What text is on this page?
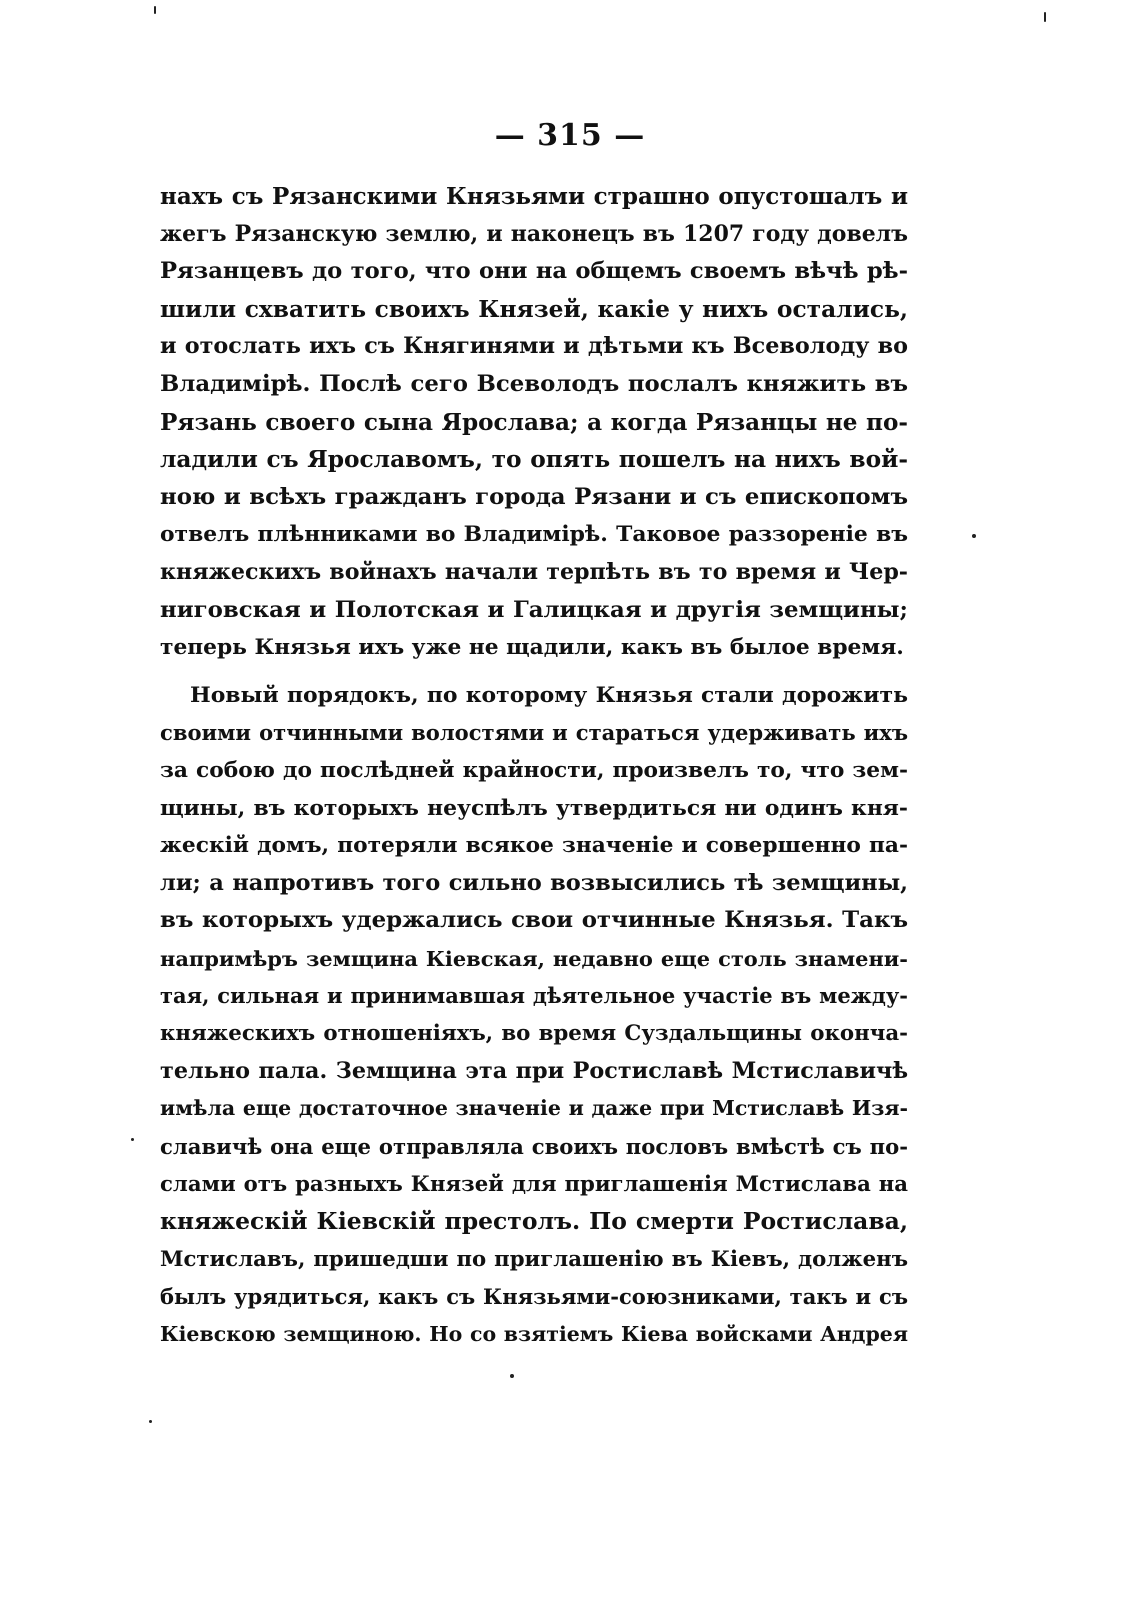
— 315 —
нахъ съ Рязанскими Князьями страшно опустошалъ и
жегъ Рязанскую землю, и наконецъ въ 1207 году довелъ
Рязанцевъ до того, что они на общемъ своемъ вѣчѣ рѣ-
шили схватить своихъ Князей, какіе у нихъ остались,
и отослать ихъ съ Княгинями и дѣтьми къ Всеволоду во
Владимірѣ. Послѣ сего Всеволодъ послалъ княжить въ
Рязань своего сына Ярослава; а когда Рязанцы не по-
ладили съ Ярославомъ, то опять пошелъ на нихъ вой-
ною и всѣхъ гражданъ города Рязани и съ епископомъ
отвелъ плѣнниками во Владимірѣ. Таковое раззореніе въ
княжескихъ войнахъ начали терпѣть въ то время и Чер-
ниговская и Полотская и Галицкая и другія земщины;
теперь Князья ихъ уже не щадили, какъ въ былое время.
Новый порядокъ, по которому Князья стали дорожить
своими отчинными волостями и стараться удерживать ихъ
за собою до послѣдней крайности, произвелъ то, что зем-
щины, въ которыхъ неуспѣлъ утвердиться ни одинъ кня-
жескій домъ, потеряли всякое значеніе и совершенно па-
ли; а напротивъ того сильно возвысились тѣ земщины,
въ которыхъ удержались свои отчинные Князья. Такъ
напримѣръ земщина Кіевская, недавно еще столь знамени-
тая, сильная и принимавшая дѣятельное участіе въ между-
княжескихъ отношеніяхъ, во время Суздальщины оконча-
тельно пала. Земщина эта при Ростиславѣ Мстиславичѣ
имѣла еще достаточное значеніе и даже при Мстиславѣ Изя-
славичѣ она еще отправляла своихъ пословъ вмѣстѣ съ по-
слами отъ разныхъ Князей для приглашенія Мстислава на
княжескій Кіевскій престолъ. По смерти Ростислава,
Мстиславъ, пришедши по приглашенію въ Кіевъ, долженъ
былъ урядиться, какъ съ Князьями-союзниками, такъ и съ
Кіевскою земщиною. Но со взятіемъ Кіева войсками Андрея
